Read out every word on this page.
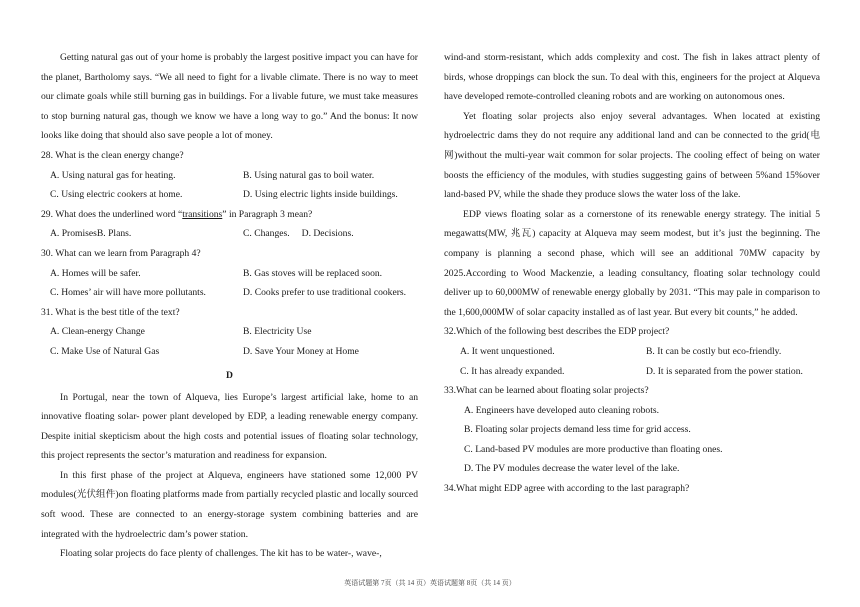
Getting natural gas out of your home is probably the largest positive impact you can have for the planet, Bartholomy says. “We all need to fight for a livable climate. There is no way to meet our climate goals while still burning gas in buildings. For a livable future, we must take measures to stop burning natural gas, though we know we have a long way to go.” And the bonus: It now looks like doing that should also save people a lot of money.

28. What is the clean energy change?
A. Using natural gas for heating.	B. Using natural gas to boil water.
C. Using electric cookers at home.	D. Using electric lights inside buildings.
29. What does the underlined word “transitions” in Paragraph 3 mean?
A. PromisesB. Plans.	C. Changes. D. Decisions.
30. What can we learn from Paragraph 4?
A. Homes will be safer.	B. Gas stoves will be replaced soon.
C. Homes’ air will have more pollutants.	D. Cooks prefer to use traditional cookers.
31. What is the best title of the text?
A. Clean-energy Change	B. Electricity Use
C. Make Use of Natural Gas	D. Save Your Money at Home
D

In Portugal, near the town of Alqueva, lies Europe’s largest artificial lake, home to an innovative floating solar- power plant developed by EDP, a leading renewable energy company. Despite initial skepticism about the high costs and potential issues of floating solar technology, this project represents the sector’s maturation and readiness for expansion.

In this first phase of the project at Alqueva, engineers have stationed some 12,000 PV modules(光伏组件)on floating platforms made from partially recycled plastic and locally sourced soft wood. These are connected to an energy-storage system combining batteries and are integrated with the hydroelectric dam’s power station.

Floating solar projects do face plenty of challenges. The kit has to be water-, wave-,

wind-and storm-resistant, which adds complexity and cost. The fish in lakes attract plenty of birds, whose droppings can block the sun. To deal with this, engineers for the project at Alqueva have developed remote-controlled cleaning robots and are working on autonomous ones.

Yet floating solar projects also enjoy several advantages. When located at existing hydroelectric dams they do not require any additional land and can be connected to the grid(电网)without the multi-year wait common for solar projects. The cooling effect of being on water boosts the efficiency of the modules, with studies suggesting gains of between 5%and 15%over land-based PV, while the shade they produce slows the water loss of the lake.

EDP views floating solar as a cornerstone of its renewable energy strategy. The initial 5 megawatts(MW, 兆瓦) capacity at Alqueva may seem modest, but it’s just the beginning. The company is planning a second phase, which will see an additional 70MW capacity by 2025.According to Wood Mackenzie, a leading consultancy, floating solar technology could deliver up to 60,000MW of renewable energy globally by 2031. “This may pale in comparison to the 1,600,000MW of solar capacity installed as of last year. But every bit counts,” he added.

32.Which of the following best describes the EDP project?
A. It went unquestioned.	B. It can be costly but eco-friendly.
C. It has already expanded.	D. It is separated from the power station.
33.What can be learned about floating solar projects?
A. Engineers have developed auto cleaning robots.
B. Floating solar projects demand less time for grid access.
C. Land-based PV modules are more productive than floating ones.
D. The PV modules decrease the water level of the lake.
34.What might EDP agree with according to the last paragraph?
英语试题第 7页（共 14 页）英语试题第 8页（共 14 页）
